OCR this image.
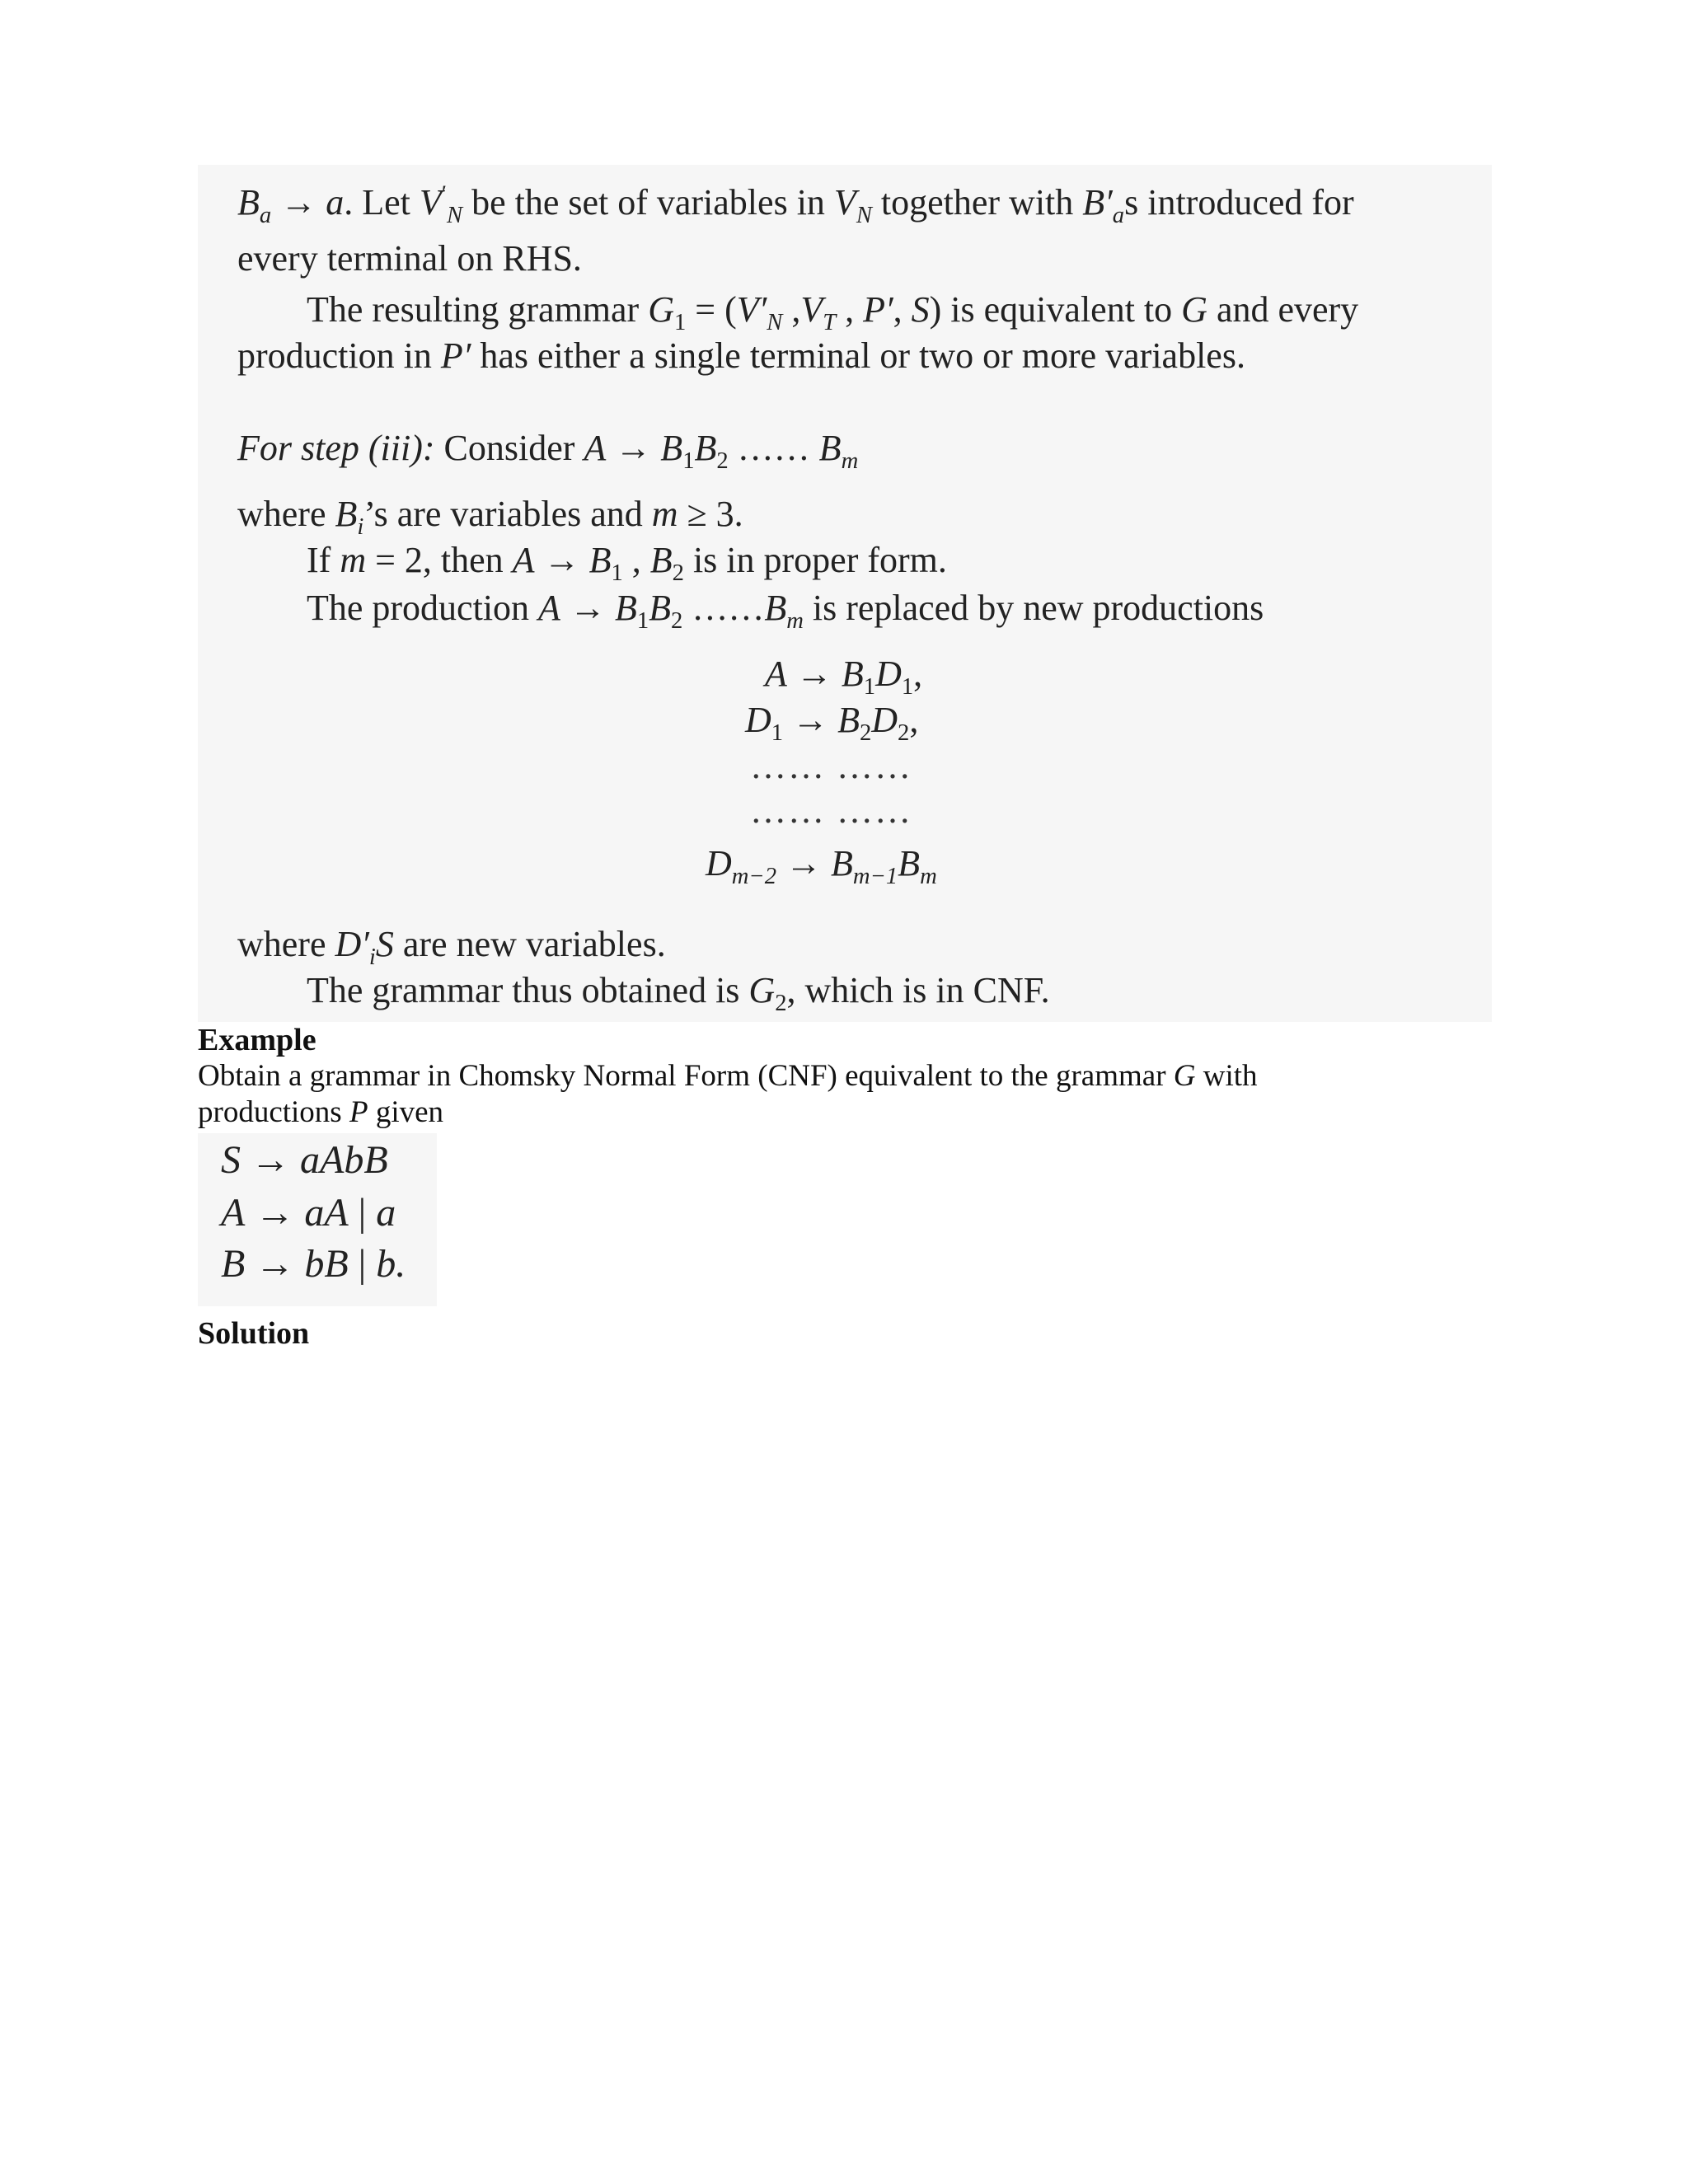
$B_a \to a$. Let $V'_N$ be the set of variables in $V_N$ together with $B'_as$ introduced for
every terminal on RHS.
The resulting grammar $G_1 = (V'_N$ $,V_T$ , P′, S) is equivalent to G and every
production in P′ has either a single terminal or two or more variables.
For step (iii): Consider $A \to B_1B_2$ …… $B_m$
where $B_i’s$ are variables and m ≥ 3.
If m = 2, then $A \to B_1$ , $B_2$ is in proper form.
The production $A \to B_1B_2$ $\dots\dots B_m$ is replaced by new productions
$A \to B_1D_1$,
$D_1 \to B_2D_2$,
…… ……
…… ……
$D_{m-2} \to B_{m-1}B_m$
where $D'_iS$ are new variables.
The grammar thus obtained is $G_2$, which is in CNF.
Example
Obtain a grammar in Chomsky Normal Form (CNF) equivalent to the grammar G with
productions P given
S → aAbB
A → aA | a
B → bB | b.
Solution
